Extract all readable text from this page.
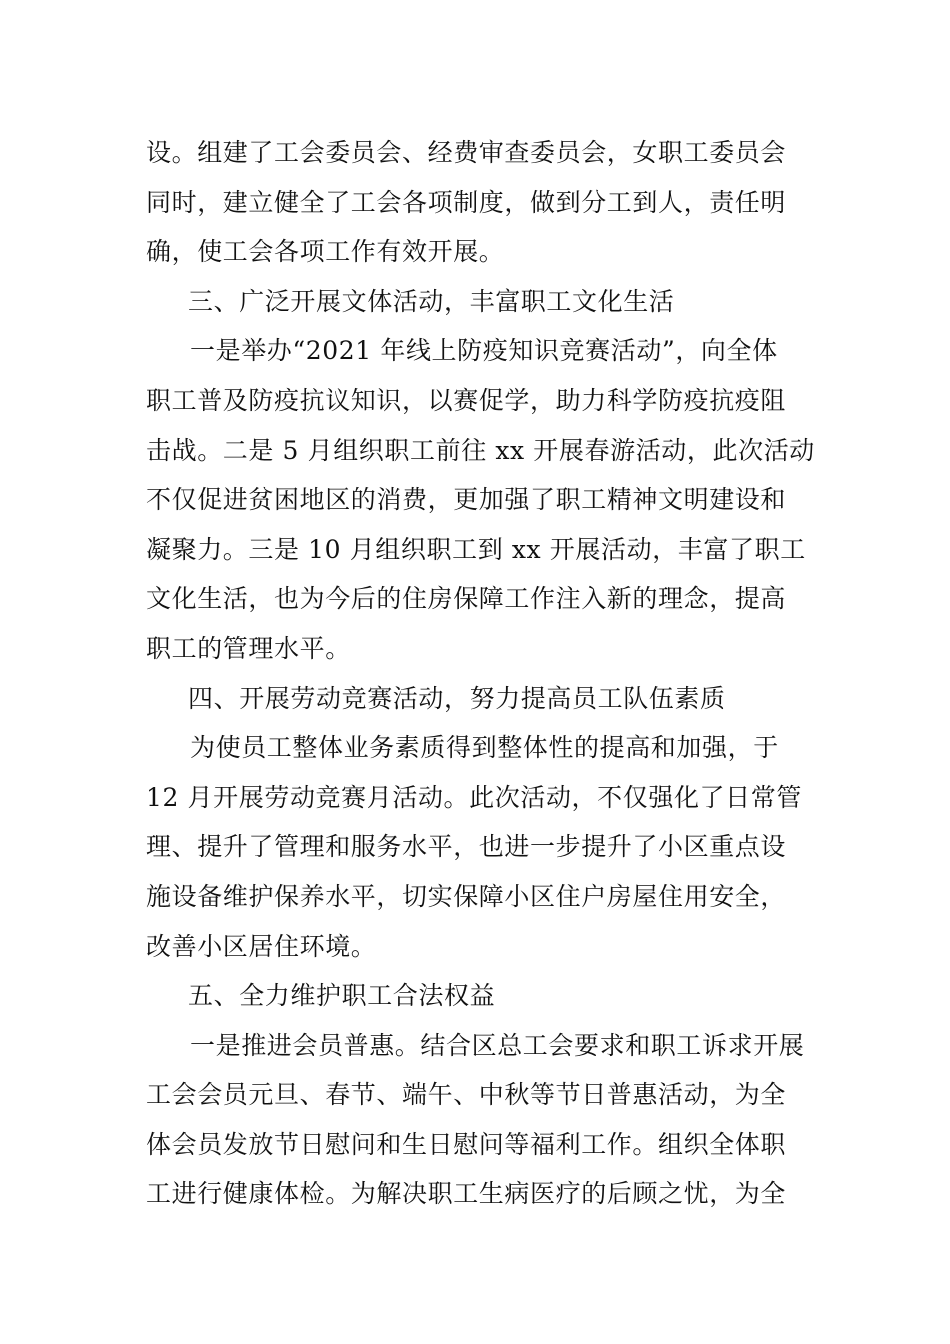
设。组建了工会委员会、经费审查委员会，女职工委员会
同时，建立健全了工会各项制度，做到分工到人，责任明
确，使工会各项工作有效开展。
三、广泛开展文体活动，丰富职工文化生活
一是举办“2021 年线上防疫知识竞赛活动”，向全体
职工普及防疫抗议知识，以赛促学，助力科学防疫抗疫阻
击战。二是 5 月组织职工前往 xx 开展春游活动，此次活动
不仅促进贫困地区的消费，更加强了职工精神文明建设和
凝聚力。三是 10 月组织职工到 xx 开展活动，丰富了职工
文化生活，也为今后的住房保障工作注入新的理念，提高
职工的管理水平。
四、开展劳动竞赛活动，努力提高员工队伍素质
为使员工整体业务素质得到整体性的提高和加强，于
12 月开展劳动竞赛月活动。此次活动，不仅强化了日常管
理、提升了管理和服务水平，也进一步提升了小区重点设
施设备维护保养水平，切实保障小区住户房屋住用安全，
改善小区居住环境。
五、全力维护职工合法权益
一是推进会员普惠。结合区总工会要求和职工诉求开展
工会会员元旦、春节、端午、中秋等节日普惠活动，为全
体会员发放节日慰问和生日慰问等福利工作。组织全体职
工进行健康体检。为解决职工生病医疗的后顾之忧，为全
